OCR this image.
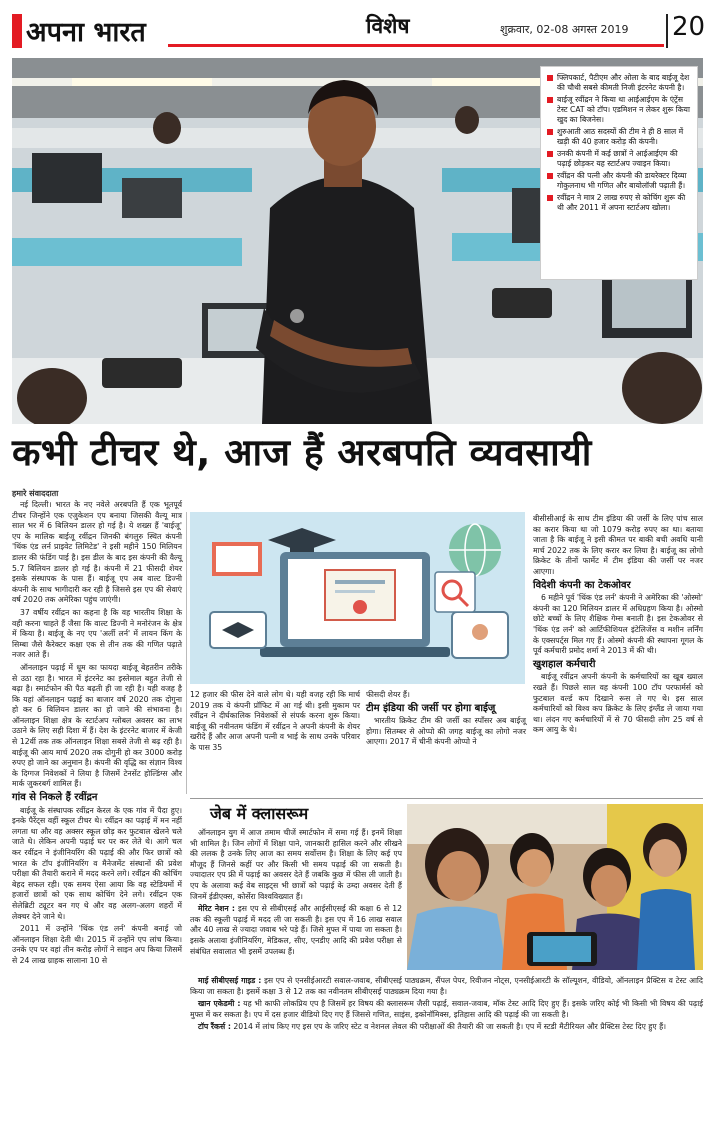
अपना भारत	विशेष	शुक्रवार, 02-08 अगस्त 2019 20
फ्लिपकार्ट, पैटीएम और ओला के बाद बाईजू देश की चौथी सबसे कीमती निजी इंटरनेट कंपनी है।
बाईजू रवींद्रन ने किया था आईआईएम के एंट्रेंस टेस्ट CAT को टॉप। एडमिशन न लेकर शुरू किया खुद का बिजनेस।
शुरुआती आठ सदस्यों की टीम ने ही 8 साल में खड़ी की 40 हजार करोड़ की कंपनी।
उनकी कंपनी में कई छात्रों ने आईआईएम की पढ़ाई छोड़कर यह स्टार्टअप ज्वाइन किया।
रवींद्रन की पत्नी और कंपनी की डायरेक्टर दिव्या गोकुलनाथ भी गणित और बायोलॉजी पढ़ाती हैं।
रवींद्रन ने मात्र 2 लाख रुपए से कोचिंग शुरू की थी और 2011 में अपना स्टार्टअप खोला।
कभी टीचर थे, आज हैं अरबपति व्यवसायी
हमारे संवाददाता

नई दिल्ली। भारत के नए नवेले अरबपति हैं एक भूतपूर्व टीचर जिन्होंने एक एजुकेशन एप बनाया जिसकी वैल्यू मात्र साल भर में 6 बिलियन डालर हो गई है। ये शख्स हैं 'बाईजू' एप के मालिक बाईजू रवींद्रन जिनकी बंगलुरु स्थित कंपनी 'थिंक एंड लर्न प्राइवेट लिमिटेड' ने इसी महीने 150 मिलियन डालर की फंडिंग पाई है। इस डील के बाद इस कंपनी की वैल्यू 5.7 बिलियन डालर हो गई है। कंपनी में 21 फीसदी शेयर इसके संस्थापक के पास हैं। बाईजू एप अब वाल्ट डिज्नी कंपनी के साथ भागीदारी कर रही है जिससे इस एप की सेवाएं वर्ष 2020 तक अमेरिका पहुंच जाएंगी।

37 वर्षीय रवींद्रन का कहना है कि वह भारतीय शिक्षा के वही करना चाहते हैं जैसा कि वाल्ट डिज्नी ने मनोरंजन के क्षेत्र में किया है। बाईजू के नए एप 'अर्ली लर्न' में लायन किंग के सिम्बा जैसे कैरेक्टर कक्षा एक से तीन तक की गणित पढ़ाते नजर आते हैं।

ऑनलाइन पढ़ाई में धूम का फायदा बाईजू बेहतरीन तरीके से उठा रहा है। भारत में इंटरनेट का इस्तेमाल बहुत तेजी से बढ़ा है। स्मार्टफोन की पैठ बढ़ती ही जा रही है। यही वजह है कि यहां ऑनलाइन पढ़ाई का बाजार वर्ष 2020 तक दोगुना हो कर 6 बिलियन डालर का हो जाने की संभावना है। ऑनलाइन शिक्षा क्षेत्र के स्टार्टअप ग्लोबल अवसर का लाभ उठाने के लिए सही दिशा में हैं। देश के इंटरनेट बाजार में केजी से 12वीं तक तक ऑनलाइन शिक्षा सबसे तेजी से बढ़ रही है। बाईजू की आय मार्च 2020 तक दोगुनी हो कर 3000 करोड़ रुपए हो जाने का अनुमान है। कंपनी की वृद्धि का संज्ञान विश्व के दिग्गज निवेशकों ने लिया है जिसमें टेनसेंट होल्डिंग्स और मार्क जुकरबर्ग शामिल हैं।

गांव से निकले हैं रवींद्रन

बाईजू के संस्थापक रवींद्रन केरल के एक गांव में पैदा हुए। इनके पैरेंट्स वहीं स्कूल टीचर थे। रवींद्रन का पढ़ाई में मन नहीं लगता था और वह अक्सर स्कूल छोड़ कर फुटबाल खेलने चले जाते थे। लेकिन अपनी पढ़ाई घर पर कर लेते थे। आगे चल कर रवींद्रन ने इंजीनियरिंग की पढ़ाई की और फिर छात्रों को भारत के टॉप इंजीनियरिंग व मैनेजमेंट संस्थानों की प्रवेश परीक्षा की तैयारी कराने में मदद करने लगे। रवींद्रन की कोचिंग बेहद सफल रही। एक समय ऐसा आया कि वह स्टेडियमों में हजारों छात्रों को एक साथ कोचिंग देने लगे। रवींद्रन एक सेलेब्रिटी ट्यूटर बन गए थे और वह अलग-अलग शहरों में लेक्चर देने जाने थे।

2011 में उन्होंने 'थिंक एंड लर्न' कंपनी बनाई जो ऑनलाइन शिक्षा देती थी। 2015 में उन्होंने एप लांच किया। उनके एप पर वहां तीन करोड़ लोगों ने साइन अप किया जिसमें से 24 लाख ग्राहक सालाना 10 से

12 हजार की फीस देने वाले लोग थे। यही वजह रही कि मार्च 2019 तक ये कंपनी प्रॉफिट में आ गई थी। इसी मुकाम पर रवींद्रन ने दीर्घकालिक निवेशकों से संपर्क करना शुरू किया। बाईजू की नवीनतम फंडिंग में रवींद्रन ने अपनी कंपनी के शेयर खरीदे हैं और आज अपनी पत्नी व भाई के साथ उनके परिवार के पास 35

फीसदी शेयर हैं।

टीम इंडिया की जर्सी पर होगा बाईजू

भारतीय क्रिकेट टीम की जर्सी का स्पॉंसर अब बाईजू होगा। सितम्बर से ओप्पो की जगह बाईजू का लोगो नजर आएगा। 2017 में चीनी कंपनी ओप्पो ने

बीसीसीआई के साथ टीम इंडिया की जर्सी के लिए पांच साल का करार किया था जो 1079 करोड़ रुपए का था। बताया जाता है कि बाईजू ने इसी कीमत पर बाकी बची अवधि यानी मार्च 2022 तक के लिए करार कर लिया है। बाईजू का लोगो क्रिकेट के तीनों फार्मेट में टीम इंडिया की जर्सी पर नजर आएगा।

विदेशी कंपनी का टेकओवर

6 महीने पूर्व 'थिंक एंड लर्न' कंपनी ने अमेरिका की 'ओस्मो' कंपनी का 120 मिलियन डालर में अधिग्रहण किया है। ओस्मो छोटे बच्चों के लिए शैक्षिक गेम्स बनाती है। इस टेकओवर से 'थिंक एंड लर्न' को आर्टिफीशियल इंटेलिजेंस व मशीन लर्निंग के एक्सपर्ट्स मिल गए हैं। ओस्मो कंपनी की स्थापना गूगल के पूर्व कर्मचारी प्रमोद शर्मा ने 2013 में की थी।

खुशहाल कर्मचारी

बाईजू रवींद्रन अपनी कंपनी के कर्मचारियों का खूब ख्याल रखते हैं। पिछले साल वह कंपनी 100 टॉप परफार्मर्स को फुटबाल वर्ल्ड कप दिखाने रूस ले गए थे। इस साल कर्मचारियों को विश्व कप क्रिकेट के लिए इंग्लैंड ले जाया गया था। लंदन गए कर्मचारियों में से 70 फीसदी लोग 25 वर्ष से कम आयु के थे।

जेब में क्लासरूम

ऑनलाइन युग में आज तमाम चीजें स्मार्टफोन में समा गई हैं। इनमें शिक्षा भी शामिल है। जिन लोगों में शिक्षा पाने, जानकारी हासिल करने और सीखने की ललक है उनके लिए आज का समय सर्वोत्तम है। शिक्षा के लिए कई एप मौजूद हैं जिनसे कहीं पर और किसी भी समय पढ़ाई की जा सकती है। ज्यादातर एप फ्री में पढ़ाई का अवसर देते हैं जबकि कुछ में फीस ली जाती है। एप के अलावा कई वेब साइट्स भी छात्रों को पढ़ाई के उम्दा अवसर देती हैं जिनमें ईडीएक्स, कोर्सेरा विश्वविख्यात हैं।

मेरिट नेशन : इस एप से सीबीएसई और आईसीएसई की कक्षा 6 से 12 तक की स्कूली पढ़ाई में मदद ली जा सकती है। इस एप में 16 लाख सवाल और 40 लाख से ज्यादा जवाब भरे पड़े हैं। जिसे मुफ्त में पाया जा सकता है। इसके अलावा इंजीनियरिंग, मेडिकल, सीए, एनडीए आदि की प्रवेश परीक्षा से संबंधित सवालात भी इसमें उपलब्ध हैं।

माई सीबीएसई गाइड : इस एप से एनसीईआरटी सवाल-जवाब, सीबीएसई पाठ्यक्रम, सैंपल पेपर, रिवीजन नोट्स, एनसीईआरटी के सॉल्यूशन, वीडियो, ऑनलाइन प्रैक्टिस व टेस्ट आदि किया जा सकता है। इसमें कक्षा 3 से 12 तक का नवीनतम सीबीएसई पाठ्यक्रम दिया गया है।

खान एकेडमी : यह भी काफी लोकप्रिय एप है जिसमें हर विषय की क्लासरूम जैसी पढ़ाई, सवाल-जवाब, मॉक टेस्ट आदि दिए हुए हैं। इसके जरिए कोई भी किसी भी विषय की पढ़ाई मुफ्त में कर सकता है। एप में दस हजार वीडियो दिए गए हैं जिससे गणित, साइंस, इकोनॉमिक्स, इतिहास आदि की पढ़ाई की जा सकती है।

टॉप रैंकर्स : 2014 में लांच किए गए इस एप के जरिए स्टेट व नेशनल लेवल की परीक्षाओं की तैयारी की जा सकती है। एप में स्टडी मैटीरियल और प्रैक्टिस टेस्ट दिए हुए हैं।
